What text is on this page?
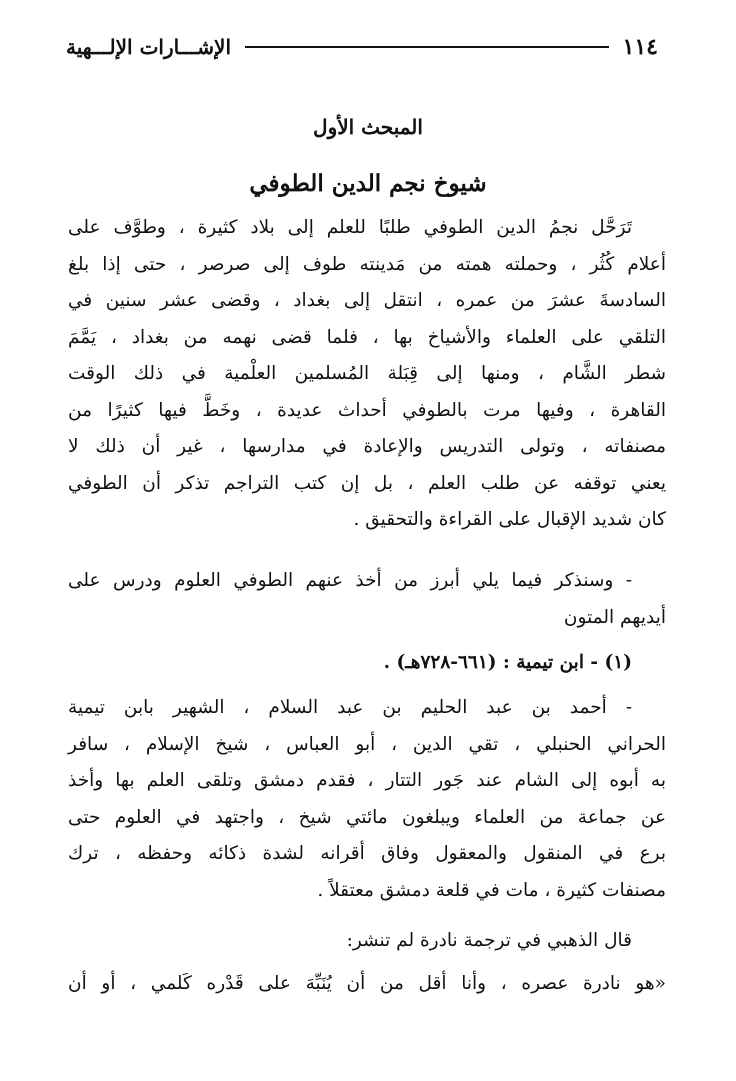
١١٤
الإشـــارات الإلـــهية
المبحث الأول
شيوخ نجم الدين الطوفي
تَرَحَّل نجمُ الدين الطوفي طلبًا للعلم إلى بلاد كثيرة ، وطوَّف على
أعلام كُثُر ، وحملته همته من مَدينته طوف إلى صرصر ، حتى إذا بلغ
السادسةَ عشرَ من عمره ، انتقل إلى بغداد ، وقضى عشر سنين في
التلقي على العلماء والأشياخ بها ، فلما قضى نهمه من بغداد ، يَمَّمَ
شطر الشَّام ، ومنها إلى قِبَلة المُسلمين العلْمية في ذلك الوقت
القاهرة ، وفيها مرت بالطوفي أحداث عديدة ، وخَطَّ فيها كثيرًا من
مصنفاته ، وتولى التدريس والإعادة في مدارسها ، غير أن ذلك لا
يعني توقفه عن طلب العلم ، بل إن كتب التراجم تذكر أن الطوفي
كان شديد الإقبال على القراءة والتحقيق .
- وسنذكر فيما يلي أبرز من أخذ عنهم الطوفي العلوم ودرس على
أيديهم المتون
(١) - ابن تيمية : (٦٦١-٧٢٨هـ) .
- أحمد بن عبد الحليم بن عبد السلام ، الشهير بابن تيمية
الحراني الحنبلي ، تقي الدين ، أبو العباس ، شيخ الإسلام ، سافر
به أبوه إلى الشام عند جَور التتار ، فقدم دمشق وتلقى العلم بها وأخذ
عن جماعة من العلماء ويبلغون مائتي شيخ ، واجتهد في العلوم حتى
برع في المنقول والمعقول وفاق أقرانه لشدة ذكائه وحفظه ، ترك
مصنفات كثيرة ، مات في قلعة دمشق معتقلاً .
قال الذهبي في ترجمة نادرة لم تنشر:
«هو نادرة عصره ، وأنا أقل من أن يُنَبِّهَ على قَدْره كَلمي ، أو أن
